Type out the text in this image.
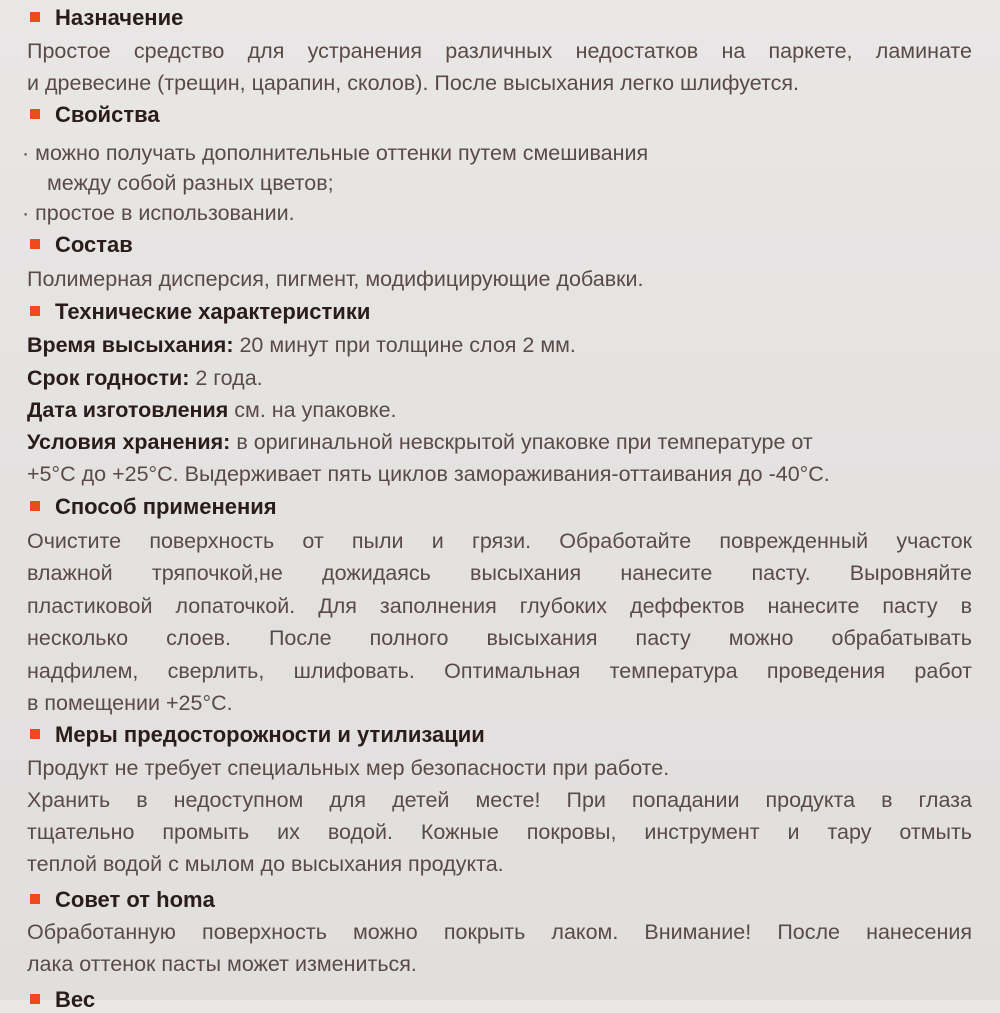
Назначение
Простое средство для устранения различных недостатков на паркете, ламинате
и древесине (трещин, царапин, сколов). После высыхания легко шлифуется.
Свойства
· можно получать дополнительные оттенки путем смешивания
между собой разных цветов;
· простое в использовании.
Состав
Полимерная дисперсия, пигмент, модифицирующие добавки.
Технические характеристики
Время высыхания: 20 минут при толщине слоя 2 мм.
Срок годности: 2 года.
Дата изготовления см. на упаковке.
Условия хранения: в оригинальной невскрытой упаковке при температуре от
+5°С до +25°С. Выдерживает пять циклов замораживания-оттаивания до -40°С.
Способ применения
Очистите поверхность от пыли и грязи. Обработайте поврежденный участок
влажной тряпочкой,не дожидаясь высыхания нанесите пасту. Выровняйте
пластиковой лопаточкой. Для заполнения глубоких деффектов нанесите пасту в
несколько слоев. После полного высыхания пасту можно обрабатывать
надфилем, сверлить, шлифовать. Оптимальная температура проведения работ
в помещении +25°С.
Меры предосторожности и утилизации
Продукт не требует специальных мер безопасности при работе.
Хранить в недоступном для детей месте! При попадании продукта в глаза
тщательно промыть их водой. Кожные покровы, инструмент и тару отмыть
теплой водой с мылом до высыхания продукта.
Совет от homa
Обработанную поверхность можно покрыть лаком. Внимание! После нанесения
лака оттенок пасты может измениться.
Вес
